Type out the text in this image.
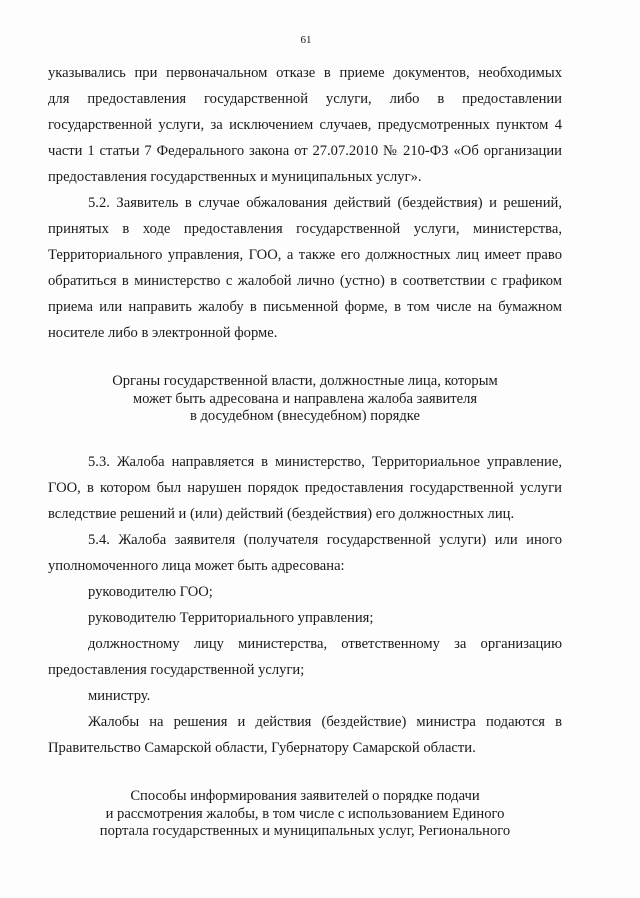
61
указывались при первоначальном отказе в приеме документов, необходимых
для предоставления государственной услуги, либо в предоставлении
государственной услуги, за исключением случаев, предусмотренных пунктом 4
части 1 статьи 7 Федерального закона от 27.07.2010 № 210-ФЗ «Об организации
предоставления государственных и муниципальных услуг».
5.2. Заявитель в случае обжалования действий (бездействия) и решений,
принятых в ходе предоставления государственной услуги, министерства,
Территориального управления, ГОО, а также его должностных лиц имеет право
обратиться в министерство с жалобой лично (устно) в соответствии с графиком
приема или направить жалобу в письменной форме, в том числе на бумажном
носителе либо в электронной форме.
Органы государственной власти, должностные лица, которым
может быть адресована и направлена жалоба заявителя
в досудебном (внесудебном) порядке
5.3. Жалоба направляется в министерство, Территориальное управление,
ГОО, в котором был нарушен порядок предоставления государственной услуги
вследствие решений и (или) действий (бездействия) его должностных лиц.
5.4. Жалоба заявителя (получателя государственной услуги) или иного
уполномоченного лица может быть адресована:
руководителю ГОО;
руководителю Территориального управления;
должностному лицу министерства, ответственному за организацию
предоставления государственной услуги;
министру.
Жалобы на решения и действия (бездействие) министра подаются в
Правительство Самарской области, Губернатору Самарской области.
Способы информирования заявителей о порядке подачи
и рассмотрения жалобы, в том числе с использованием Единого
портала государственных и муниципальных услуг, Регионального
